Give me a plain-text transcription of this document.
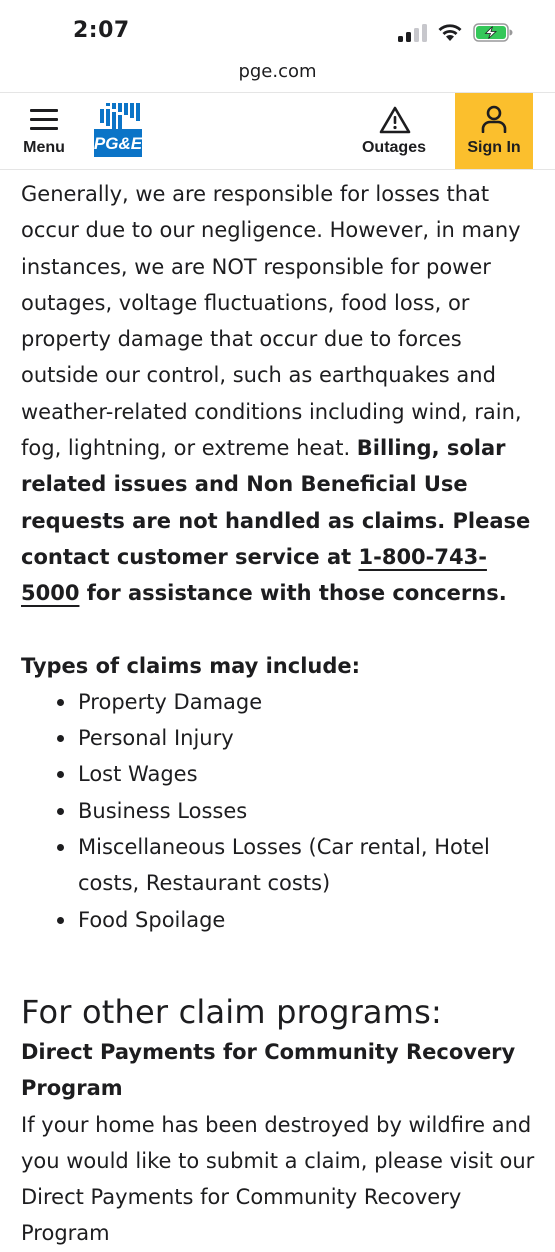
2:07
pge.com
Menu	PG&E	Outages	Sign In

Generally, we are responsible for losses that occur due to our negligence. However, in many instances, we are NOT responsible for power outages, voltage fluctuations, food loss, or property damage that occur due to forces outside our control, such as earthquakes and weather-related conditions including wind, rain, fog, lightning, or extreme heat. Billing, solar related issues and Non Beneficial Use requests are not handled as claims. Please contact customer service at 1-800-743-5000 for assistance with those concerns.

Types of claims may include:

Property Damage
Personal Injury
Lost Wages
Business Losses
Miscellaneous Losses (Car rental, Hotel costs, Restaurant costs)
Food Spoilage
For other claim programs:

Direct Payments for Community Recovery Program

If your home has been destroyed by wildfire and you would like to submit a claim, please visit our Direct Payments for Community Recovery Program
